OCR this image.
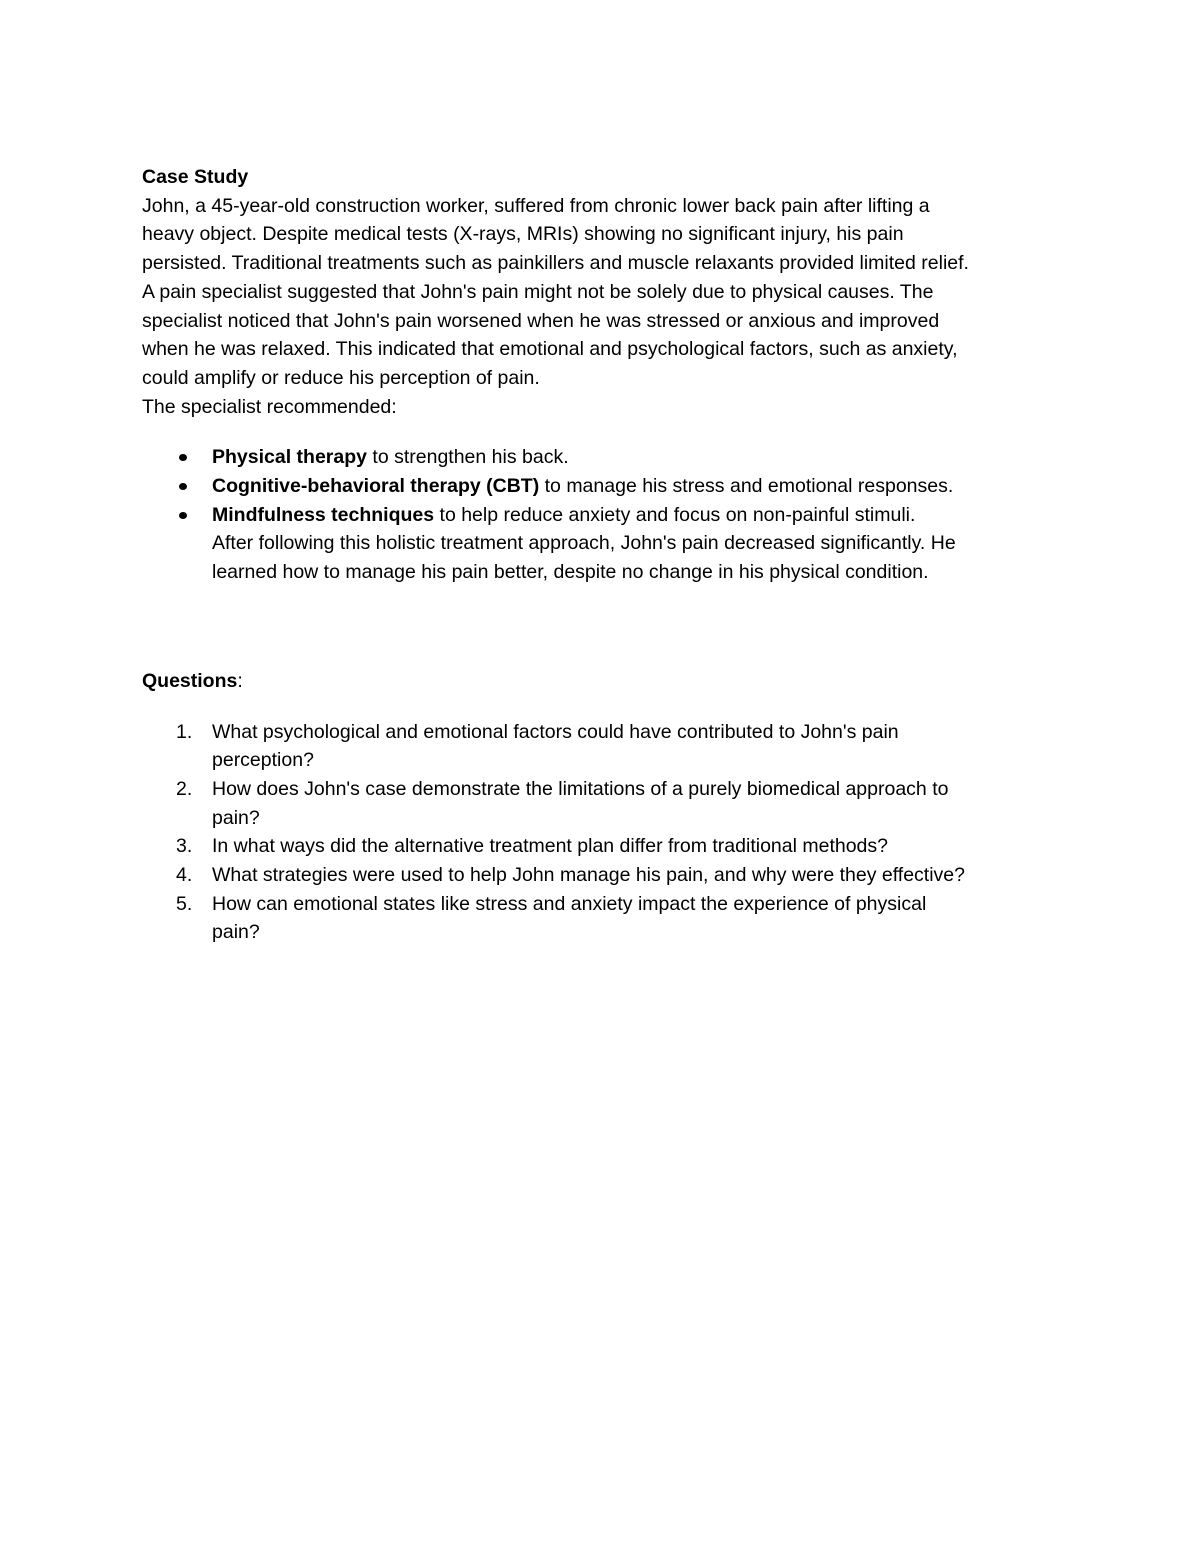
Case Study

John, a 45-year-old construction worker, suffered from chronic lower back pain after lifting a

heavy object. Despite medical tests (X-rays, MRIs) showing no significant injury, his pain

persisted. Traditional treatments such as painkillers and muscle relaxants provided limited relief.

A pain specialist suggested that John's pain might not be solely due to physical causes. The

specialist noticed that John's pain worsened when he was stressed or anxious and improved

when he was relaxed. This indicated that emotional and psychological factors, such as anxiety,

could amplify or reduce his perception of pain.

The specialist recommended:

Physical therapy to strengthen his back.
Cognitive-behavioral therapy (CBT) to manage his stress and emotional responses.
Mindfulness techniques to help reduce anxiety and focus on non-painful stimuli.
After following this holistic treatment approach, John's pain decreased significantly. He
learned how to manage his pain better, despite no change in his physical condition.

Questions:

1. What psychological and emotional factors could have contributed to John's pain
perception?
2. How does John's case demonstrate the limitations of a purely biomedical approach to
pain?
3. In what ways did the alternative treatment plan differ from traditional methods?
4. What strategies were used to help John manage his pain, and why were they effective?
5. How can emotional states like stress and anxiety impact the experience of physical
pain?
